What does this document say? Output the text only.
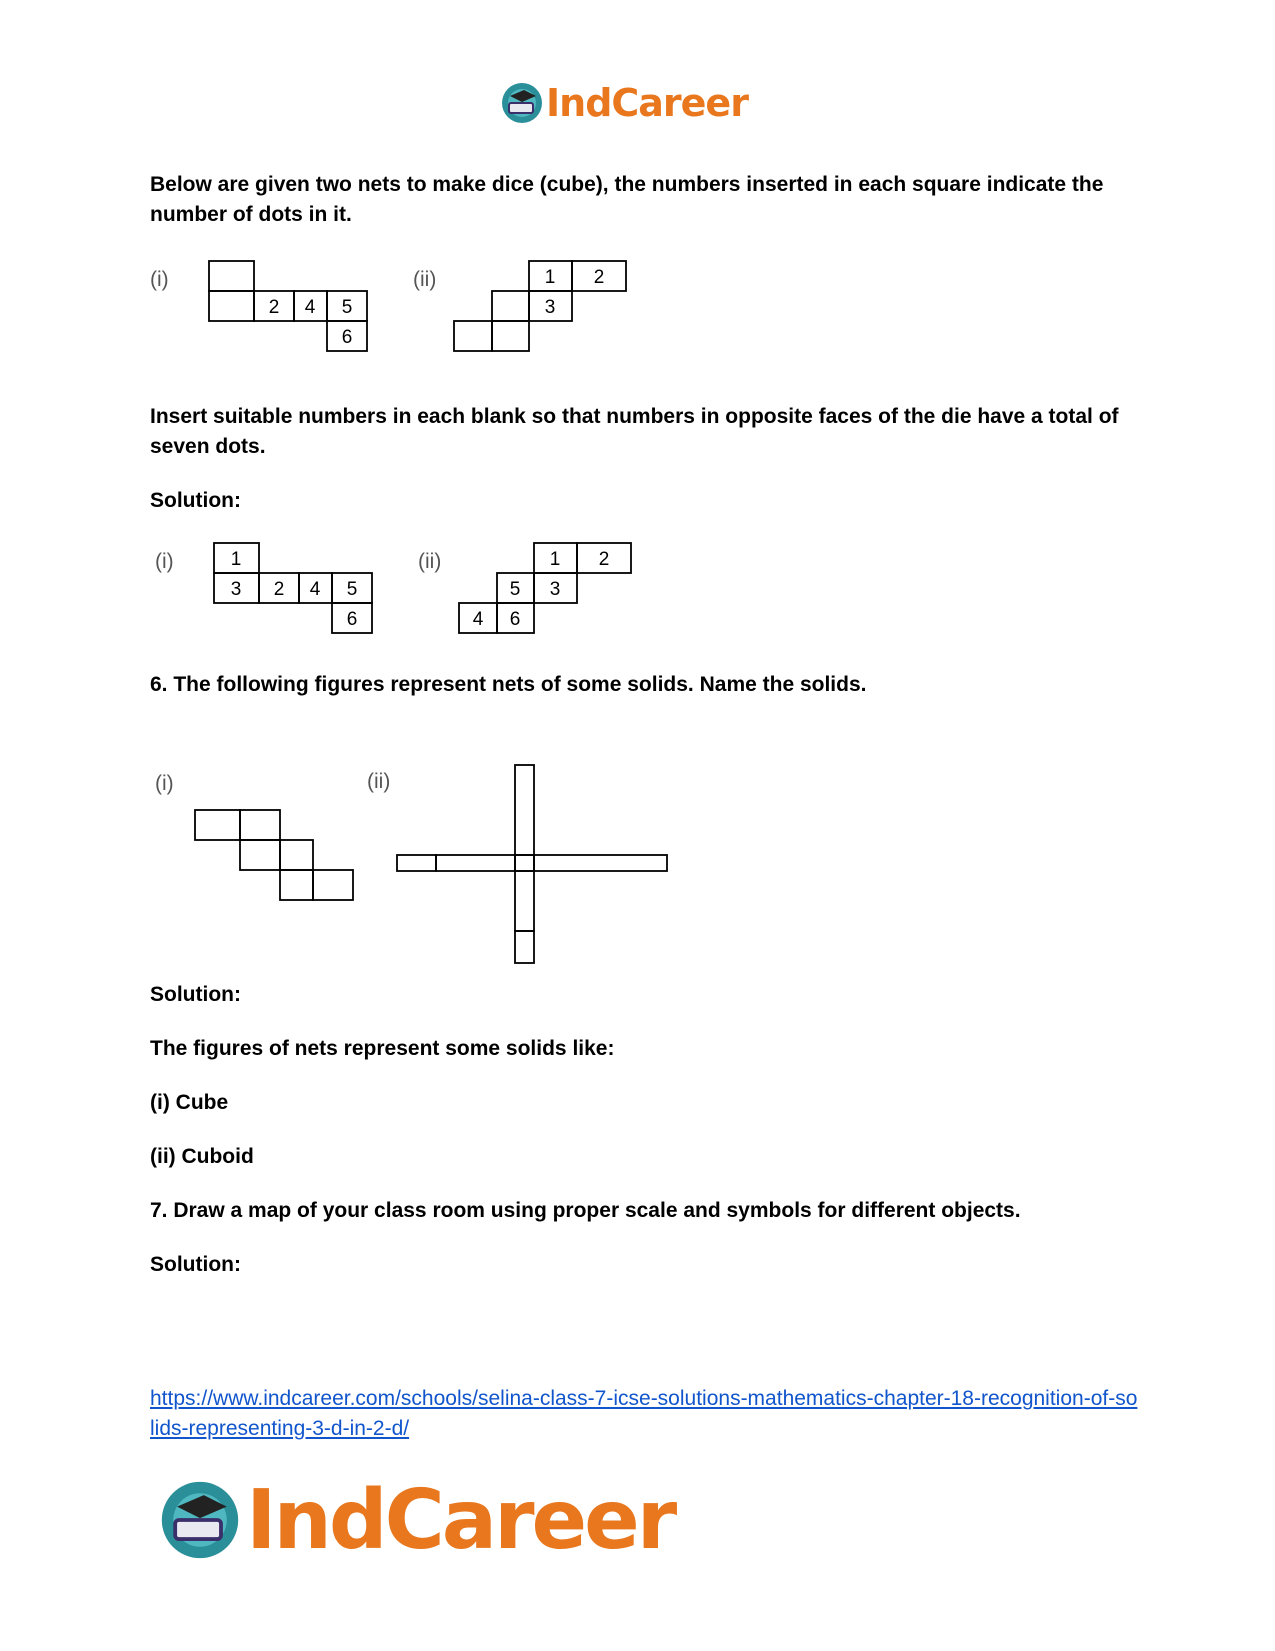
IndCareer
Below are given two nets to make dice (cube), the numbers inserted in each square indicate the number of dots in it.
(i)
2 4 5
6
(ii)	1 2
3
Insert suitable numbers in each blank so that numbers in opposite faces of the die have a total of seven dots.
Solution:
(i)	1
3 2 4 5
6
(ii)	1 2
5 3
4 6
6. The following figures represent nets of some solids. Name the solids.
(i)	(ii)
Solution:
The figures of nets represent some solids like:
(i) Cube
(ii) Cuboid
7. Draw a map of your class room using proper scale and symbols for different objects.
Solution:
https://www.indcareer.com/schools/selina-class-7-icse-solutions-mathematics-chapter-18-recognition-of-solids-representing-3-d-in-2-d/
IndCareer
